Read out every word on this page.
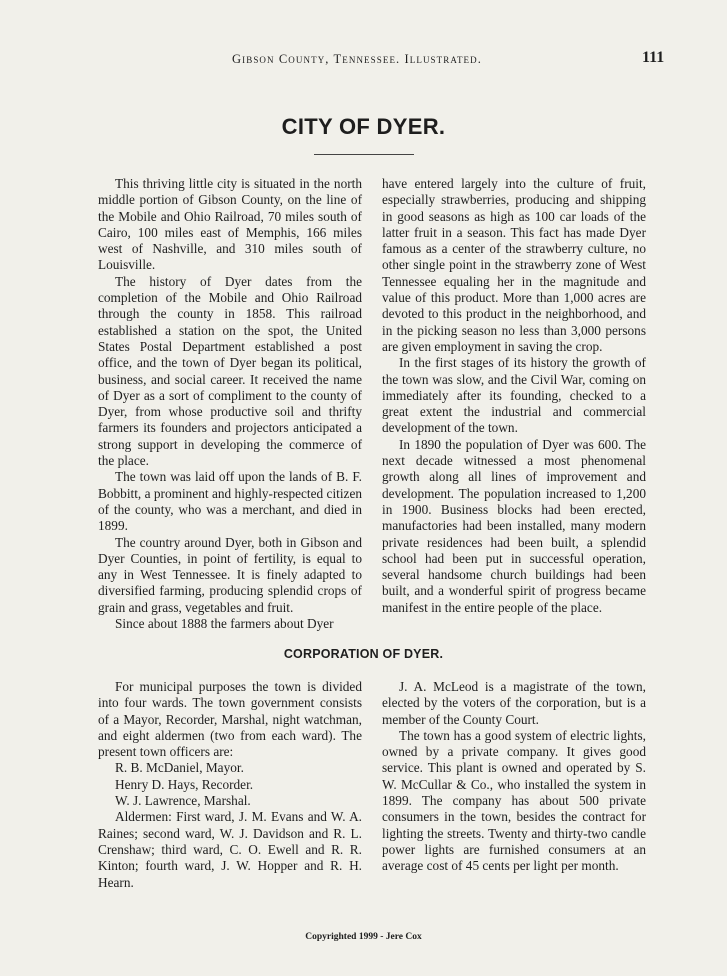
Gibson County, Tennessee. Illustrated.	111
CITY OF DYER.

This thriving little city is situated in the north middle portion of Gibson County, on the line of the Mobile and Ohio Railroad, 70 miles south of Cairo, 100 miles east of Memphis, 166 miles west of Nashville, and 310 miles south of Louisville.

The history of Dyer dates from the completion of the Mobile and Ohio Railroad through the county in 1858. This railroad established a station on the spot, the United States Postal Department established a post office, and the town of Dyer began its political, business, and social career. It received the name of Dyer as a sort of compliment to the county of Dyer, from whose productive soil and thrifty farmers its founders and projectors anticipated a strong support in developing the commerce of the place.

The town was laid off upon the lands of B. F. Bobbitt, a prominent and highly-respected citizen of the county, who was a merchant, and died in 1899.

The country around Dyer, both in Gibson and Dyer Counties, in point of fertility, is equal to any in West Tennessee. It is finely adapted to diversified farming, producing splendid crops of grain and grass, vegetables and fruit.

Since about 1888 the farmers about Dyer

have entered largely into the culture of fruit, especially strawberries, producing and shipping in good seasons as high as 100 car loads of the latter fruit in a season. This fact has made Dyer famous as a center of the strawberry culture, no other single point in the strawberry zone of West Tennessee equaling her in the magnitude and value of this product. More than 1,000 acres are devoted to this product in the neighborhood, and in the picking season no less than 3,000 persons are given employment in saving the crop.

In the first stages of its history the growth of the town was slow, and the Civil War, coming on immediately after its founding, checked to a great extent the industrial and commercial development of the town.

In 1890 the population of Dyer was 600. The next decade witnessed a most phenomenal growth along all lines of improvement and development. The population increased to 1,200 in 1900. Business blocks had been erected, manufactories had been installed, many modern private residences had been built, a splendid school had been put in successful operation, several handsome church buildings had been built, and a wonderful spirit of progress became manifest in the entire people of the place.

CORPORATION OF DYER.

For municipal purposes the town is divided into four wards. The town government consists of a Mayor, Recorder, Marshal, night watchman, and eight aldermen (two from each ward). The present town officers are:

R. B. McDaniel, Mayor.

Henry D. Hays, Recorder.

W. J. Lawrence, Marshal.

Aldermen: First ward, J. M. Evans and W. A. Raines; second ward, W. J. Davidson and R. L. Crenshaw; third ward, C. O. Ewell and R. R. Kinton; fourth ward, J. W. Hopper and R. H. Hearn.

J. A. McLeod is a magistrate of the town, elected by the voters of the corporation, but is a member of the County Court.

The town has a good system of electric lights, owned by a private company. It gives good service. This plant is owned and operated by S. W. McCullar & Co., who installed the system in 1899. The company has about 500 private consumers in the town, besides the contract for lighting the streets. Twenty and thirty-two candle power lights are furnished consumers at an average cost of 45 cents per light per month.

Copyrighted 1999 - Jere Cox
